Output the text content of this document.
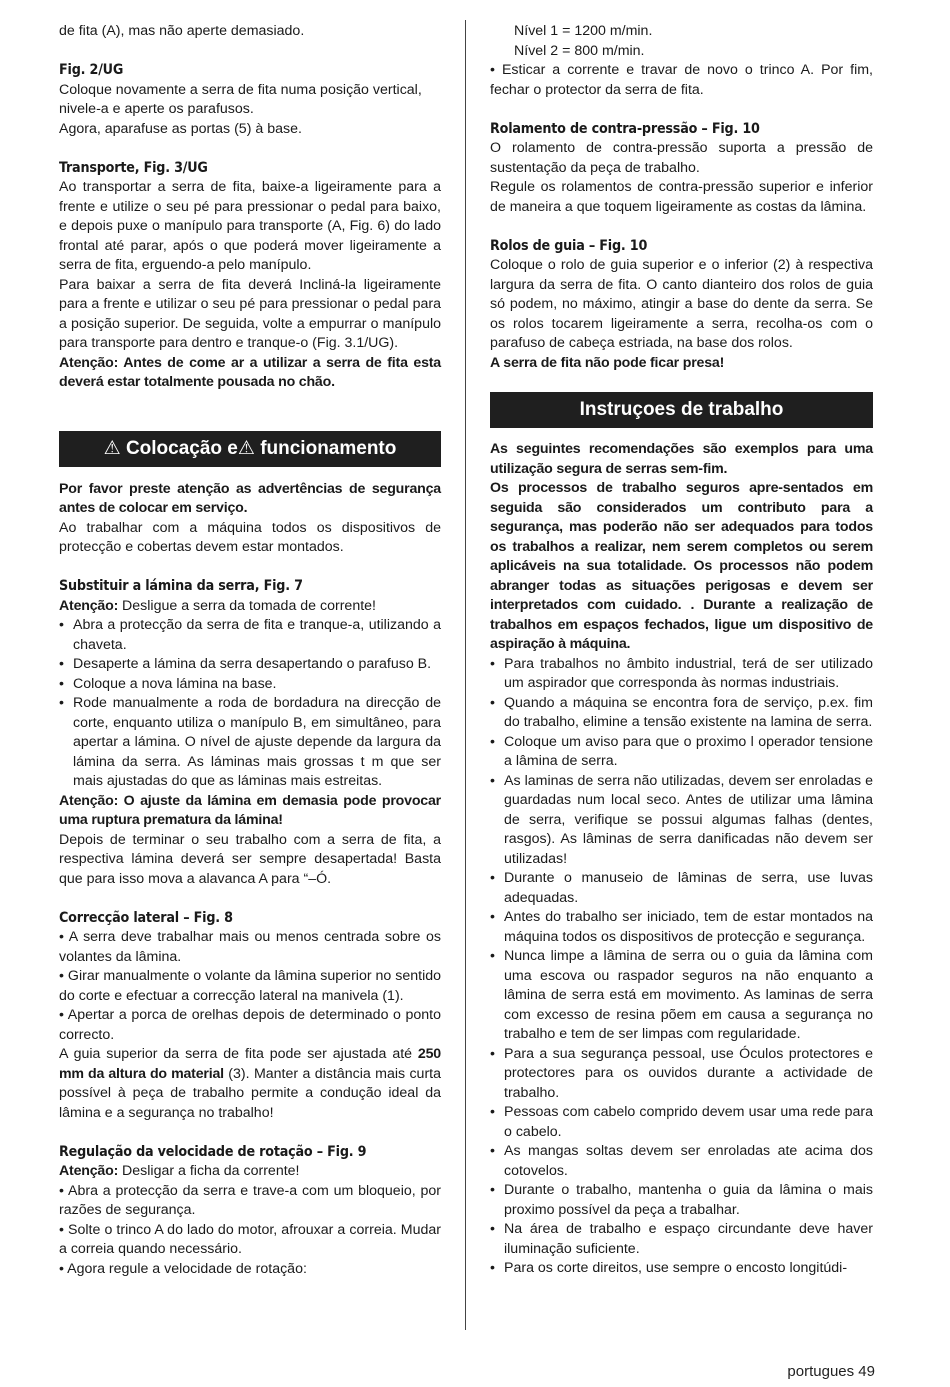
de fita (A), mas não aperte demasiado.

Fig. 2/UG

Coloque novamente a serra de fita numa posição vertical, nivele-a e aperte os parafusos.

Agora, aparafuse as portas (5) à base.

Transporte, Fig. 3/UG

Ao transportar a serra de fita, baixe-a ligeiramente para a frente e utilize o seu pé para pressionar o pedal para baixo, e depois puxe o manípulo para transporte (A, Fig. 6) do lado frontal até parar, após o que poderá mover ligeiramente a serra de fita, erguendo-a pelo manípulo.

Para baixar a serra de fita deverá Incliná-la ligeiramente para a frente e utilizar o seu pé para pressionar o pedal para a posição superior. De seguida, volte a empurrar o manípulo para transporte para dentro e tranque-o (Fig. 3.1/UG).

Atenção: Antes de come ar a utilizar a serra de fita esta deverá estar totalmente pousada no chão.

⚠ Colocação e⚠ funcionamento

Por favor preste atenção as advertências de segurança antes de colocar em serviço.

Ao trabalhar com a máquina todos os dispositivos de protecção e cobertas devem estar montados.

Substituir a lámina da serra, Fig. 7

Atenção: Desligue a serra da tomada de corrente!

• Abra a protecção da serra de fita e tranque-a, utilizando a chaveta.
• Desaperte a lámina da serra desapertando o parafuso B.
• Coloque a nova lámina na base.
• Rode manualmente a roda de bordadura na direcção de corte, enquanto utiliza o manípulo B, em simultâneo, para apertar a lámina. O nível de ajuste depende da largura da lámina da serra. As láminas mais grossas t m que ser mais ajustadas do que as láminas mais estreitas.

Atenção: O ajuste da lámina em demasia pode provocar uma ruptura prematura da lámina!

Depois de terminar o seu trabalho com a serra de fita, a respectiva lámina deverá ser sempre desapertada! Basta que para isso mova a alavanca A para “–Ó.

Correcção lateral – Fig. 8

• A serra deve trabalhar mais ou menos centrada sobre os volantes da lâmina.

• Girar manualmente o volante da lâmina superior no sentido do corte e efectuar a correcção lateral na manivela (1).

• Apertar a porca de orelhas depois de determinado o ponto correcto.

A guia superior da serra de fita pode ser ajustada até 250 mm da altura do material (3). Manter a distância mais curta possível à peça de trabalho permite a condução ideal da lâmina e a segurança no trabalho!

Regulação da velocidade de rotação – Fig. 9

Atenção: Desligar a ficha da corrente!

• Abra a protecção da serra e trave-a com um bloqueio, por razões de segurança.

• Solte o trinco A do lado do motor, afrouxar a correia. Mudar a correia quando necessário.

• Agora regule a velocidade de rotação:

Nível 1 = 1200 m/min.

Nível 2 = 800 m/min.

• Esticar a corrente e travar de novo o trinco A. Por fim, fechar o protector da serra de fita.

Rolamento de contra-pressão – Fig. 10

O rolamento de contra-pressão suporta a pressão de sustentação da peça de trabalho.

Regule os rolamentos de contra-pressão superior e inferior de maneira a que toquem ligeiramente as costas da lâmina.

Rolos de guia – Fig. 10

Coloque o rolo de guia superior e o inferior (2) à respectiva largura da serra de fita. O canto dianteiro dos rolos de guia só podem, no máximo, atingir a base do dente da serra. Se os rolos tocarem ligeiramente a serra, recolha-os com o parafuso de cabeça estriada, na base dos rolos.

A serra de fita não pode ficar presa!

Instruçoes de trabalho

As seguintes recomendações são exemplos para uma utilização segura de serras sem-fim.

Os processos de trabalho seguros apre-sentados em seguida são considerados um contributo para a segurança, mas poderão não ser adequados para todos os trabalhos a realizar, nem serem completos ou serem aplicáveis na sua totalidade. Os processos não podem abranger todas as situações perigosas e devem ser interpretados com cuidado. . Durante a realização de trabalhos em espaços fechados, ligue um dispositivo de aspiração à máquina.

• Para trabalhos no âmbito industrial, terá de ser utilizado um aspirador que corresponda às normas industriais.
• Quando a máquina se encontra fora de serviço, p.ex. fim do trabalho, elimine a tensão existente na lamina de serra.
• Coloque um aviso para que o proximo l operador tensione a lâmina de serra.
• As laminas de serra não utilizadas, devem ser enroladas e guardadas num local seco. Antes de utilizar uma lâmina de serra, verifique se possui algumas falhas (dentes, rasgos). As lâminas de serra danificadas não devem ser utilizadas!
• Durante o manuseio de lâminas de serra, use luvas adequadas.
• Antes do trabalho ser iniciado, tem de estar montados na máquina todos os dispositivos de protecção e segurança.
• Nunca limpe a lâmina de serra ou o guia da lâmina com uma escova ou raspador seguros na não enquanto a lâmina de serra está em movimento. As laminas de serra com excesso de resina põem em causa a segurança no trabalho e tem de ser limpas com regularidade.
• Para a sua segurança pessoal, use Óculos protectores e protectores para os ouvidos durante a actividade de trabalho.
• Pessoas com cabelo comprido devem usar uma rede para o cabelo.
• As mangas soltas devem ser enroladas ate acima dos cotovelos.
• Durante o trabalho, mantenha o guia da lâmina o mais proximo possível da peça a trabalhar.
• Na área de trabalho e espaço circundante deve haver iluminação suficiente.
• Para os corte direitos, use sempre o encosto longitúdi-
portugues 49
